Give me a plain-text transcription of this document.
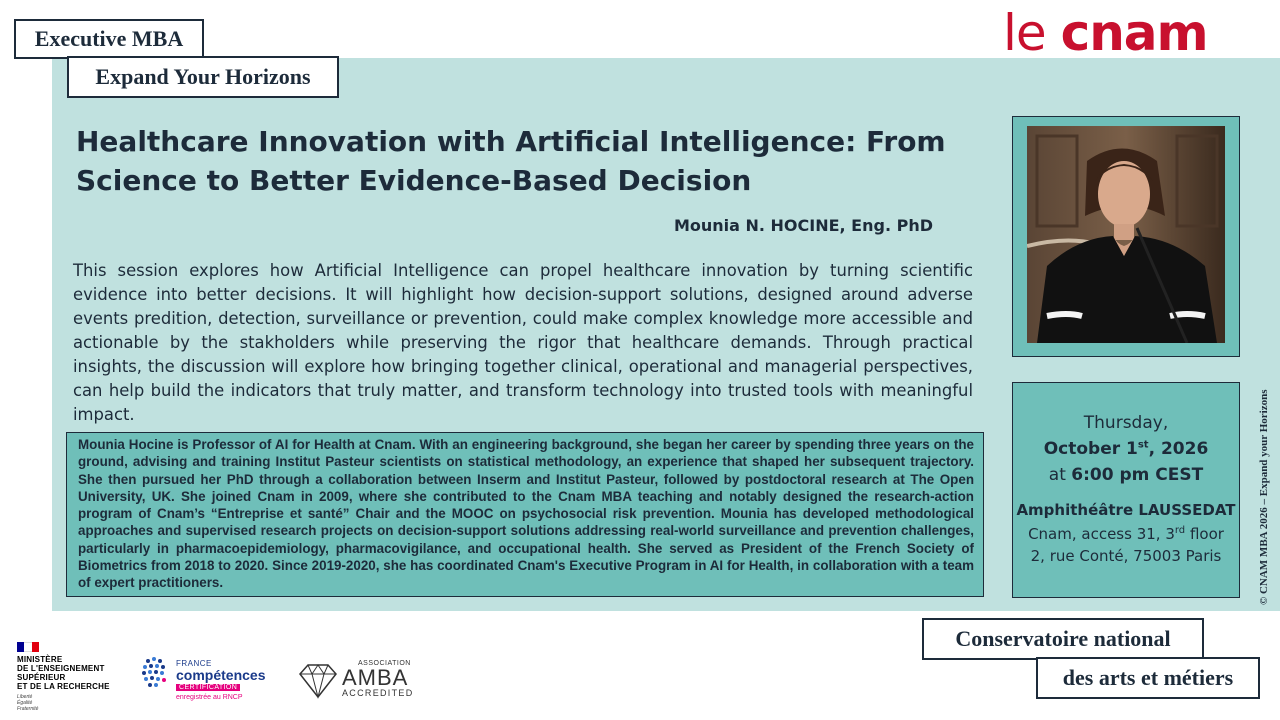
Executive MBA
Expand Your Horizons
le cnam
Healthcare Innovation with Artificial Intelligence: From Science to Better Evidence-Based Decision
Mounia N. HOCINE, Eng. PhD

This session explores how Artificial Intelligence can propel healthcare innovation by turning scientific evidence into better decisions. It will highlight how decision-support solutions, designed around adverse events predition, detection, surveillance or prevention, could make complex knowledge more accessible and actionable by the stakholders while preserving the rigor that healthcare demands. Through practical insights, the discussion will explore how bringing together clinical, operational and managerial perspectives, can help build the indicators that truly matter, and transform technology into trusted tools with meaningful impact.

Mounia Hocine is Professor of AI for Health at Cnam. With an engineering background, she began her career by spending three years on the ground, advising and training Institut Pasteur scientists on statistical methodology, an experience that shaped her subsequent trajectory. She then pursued her PhD through a collaboration between Inserm and Institut Pasteur, followed by postdoctoral research at The Open University, UK. She joined Cnam in 2009, where she contributed to the Cnam MBA teaching and notably designed the research-action program of Cnam’s “Entreprise et santé” Chair and the MOOC on psychosocial risk prevention. Mounia has developed methodological approaches and supervised research projects on decision-support solutions addressing real-world surveillance and prevention challenges, particularly in pharmacoepidemiology, pharmacovigilance, and occupational health. She served as President of the French Society of Biometrics from 2018 to 2020. Since 2019-2020, she has coordinated Cnam's Executive Program in AI for Health, in collaboration with a team of expert practitioners.

Thursday,
October 1st, 2026
at 6:00 pm CEST
Amphithéâtre LAUSSEDAT
Cnam, access 31, 3rd floor
2, rue Conté, 75003 Paris	© CNAM MBA 2026 – Expand your Horizons
Conservatoire national
des arts et métiers
MINISTÈRE
DE L'ENSEIGNEMENT
SUPÉRIEUR
ET DE LA RECHERCHE
Liberté
Égalité
Fraternité
FRANCE
compétences
CERTIFICATION
enregistrée au RNCP
ASSOCIATION
AMBA
ACCREDITED
